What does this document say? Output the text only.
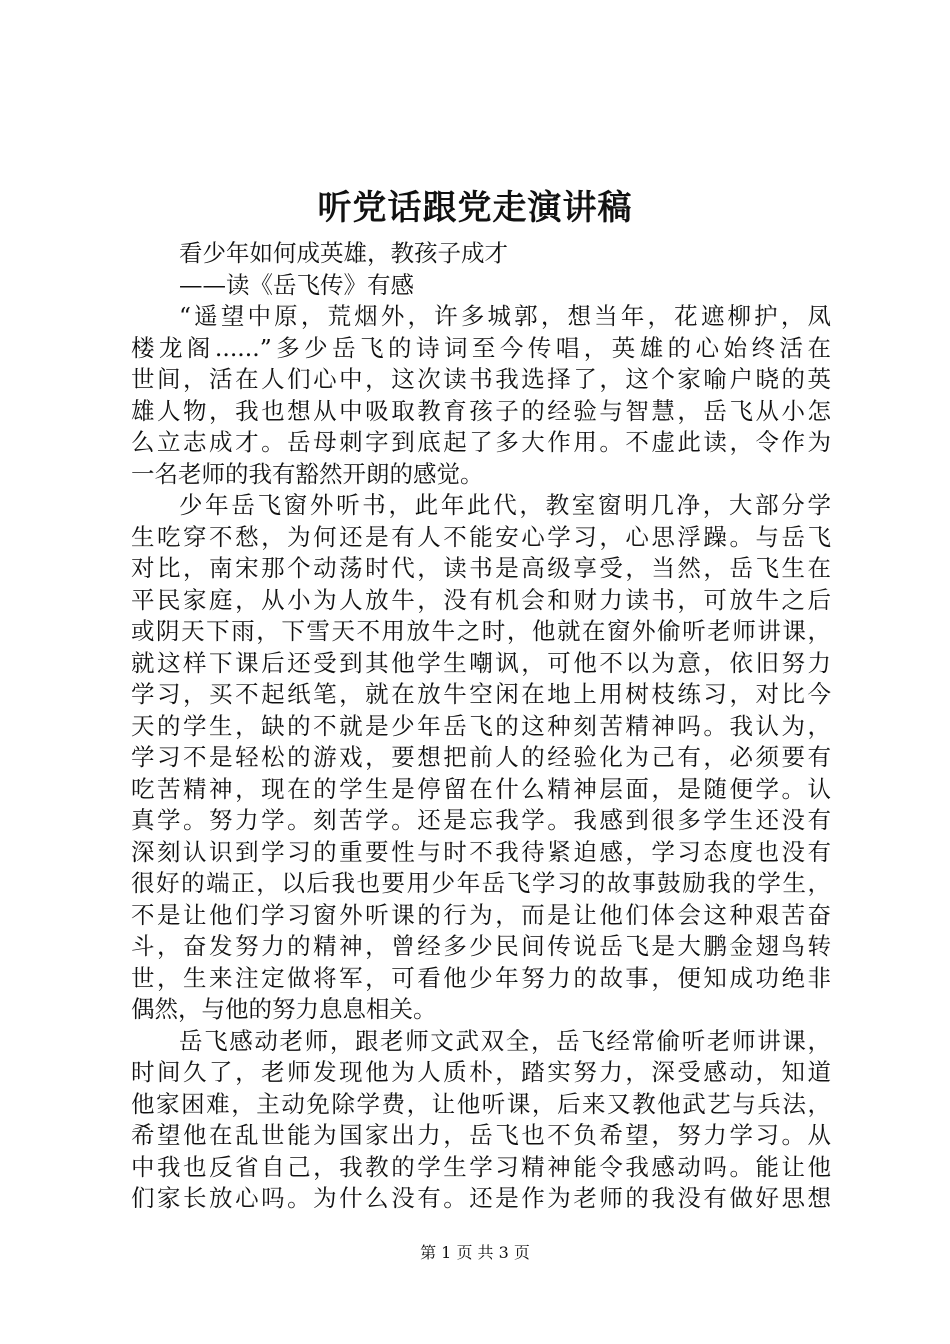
听党话跟党走演讲稿
看少年如何成英雄，教孩子成才
——读《岳飞传》有感
“遥望中原，荒烟外，许多城郭，想当年，花遮柳护，凤
楼龙阁......”多少岳飞的诗词至今传唱，英雄的心始终活在
世间，活在人们心中，这次读书我选择了，这个家喻户晓的英
雄人物，我也想从中吸取教育孩子的经验与智慧，岳飞从小怎
么立志成才。岳母刺字到底起了多大作用。不虚此读，令作为
一名老师的我有豁然开朗的感觉。
少年岳飞窗外听书，此年此代，教室窗明几净，大部分学
生吃穿不愁，为何还是有人不能安心学习，心思浮躁。与岳飞
对比，南宋那个动荡时代，读书是高级享受，当然，岳飞生在
平民家庭，从小为人放牛，没有机会和财力读书，可放牛之后
或阴天下雨，下雪天不用放牛之时，他就在窗外偷听老师讲课，
就这样下课后还受到其他学生嘲讽，可他不以为意，依旧努力
学习，买不起纸笔，就在放牛空闲在地上用树枝练习，对比今
天的学生，缺的不就是少年岳飞的这种刻苦精神吗。我认为，
学习不是轻松的游戏，要想把前人的经验化为己有，必须要有
吃苦精神，现在的学生是停留在什么精神层面，是随便学。认
真学。努力学。刻苦学。还是忘我学。我感到很多学生还没有
深刻认识到学习的重要性与时不我待紧迫感，学习态度也没有
很好的端正，以后我也要用少年岳飞学习的故事鼓励我的学生，
不是让他们学习窗外听课的行为，而是让他们体会这种艰苦奋
斗，奋发努力的精神，曾经多少民间传说岳飞是大鹏金翅鸟转
世，生来注定做将军，可看他少年努力的故事，便知成功绝非
偶然，与他的努力息息相关。
岳飞感动老师，跟老师文武双全，岳飞经常偷听老师讲课，
时间久了，老师发现他为人质朴，踏实努力，深受感动，知道
他家困难，主动免除学费，让他听课，后来又教他武艺与兵法，
希望他在乱世能为国家出力，岳飞也不负希望，努力学习。从
中我也反省自己，我教的学生学习精神能令我感动吗。能让他
们家长放心吗。为什么没有。还是作为老师的我没有做好思想
第 1 页 共 3 页
